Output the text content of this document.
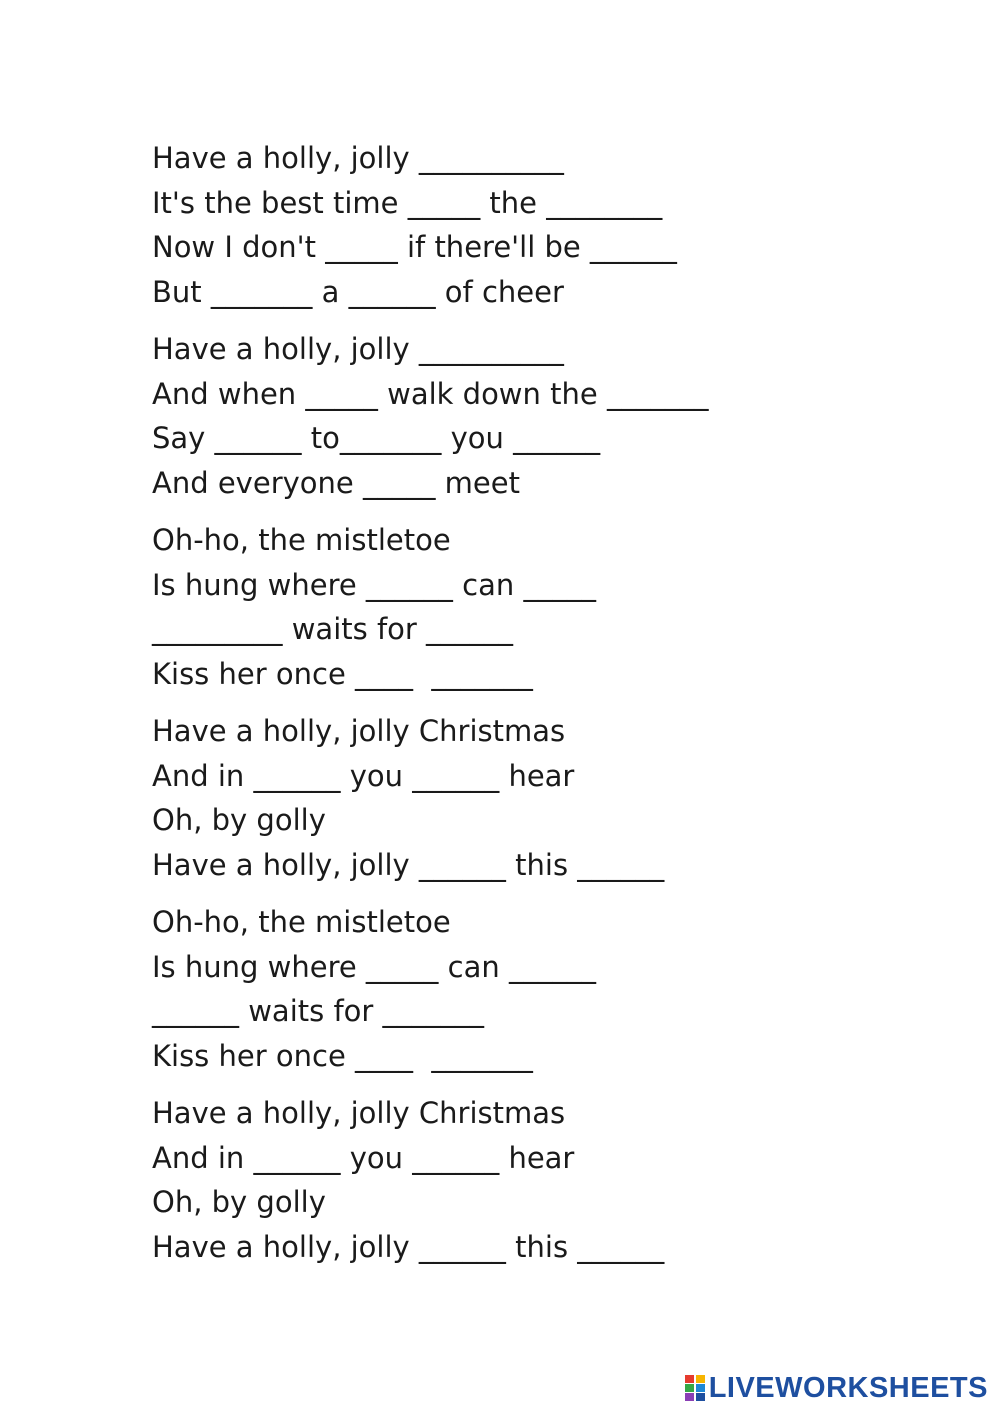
Have a holly, jolly __________
It's the best time _____ the ________
Now I don't _____ if there'll be ______
But _______ a ______ of cheer
Have a holly, jolly __________
And when _____ walk down the _______
Say ______ to_______ you ______
And everyone _____ meet
Oh-ho, the mistletoe
Is hung where ______ can _____
_________ waits for ______
Kiss her once ____  _______
Have a holly, jolly Christmas
And in ______ you ______ hear
Oh, by golly
Have a holly, jolly ______ this ______
Oh-ho, the mistletoe
Is hung where _____ can ______
______ waits for _______
Kiss her once ____  _______
Have a holly, jolly Christmas
And in ______ you ______ hear
Oh, by golly
Have a holly, jolly ______ this ______
LIVEWORKSHEETS
